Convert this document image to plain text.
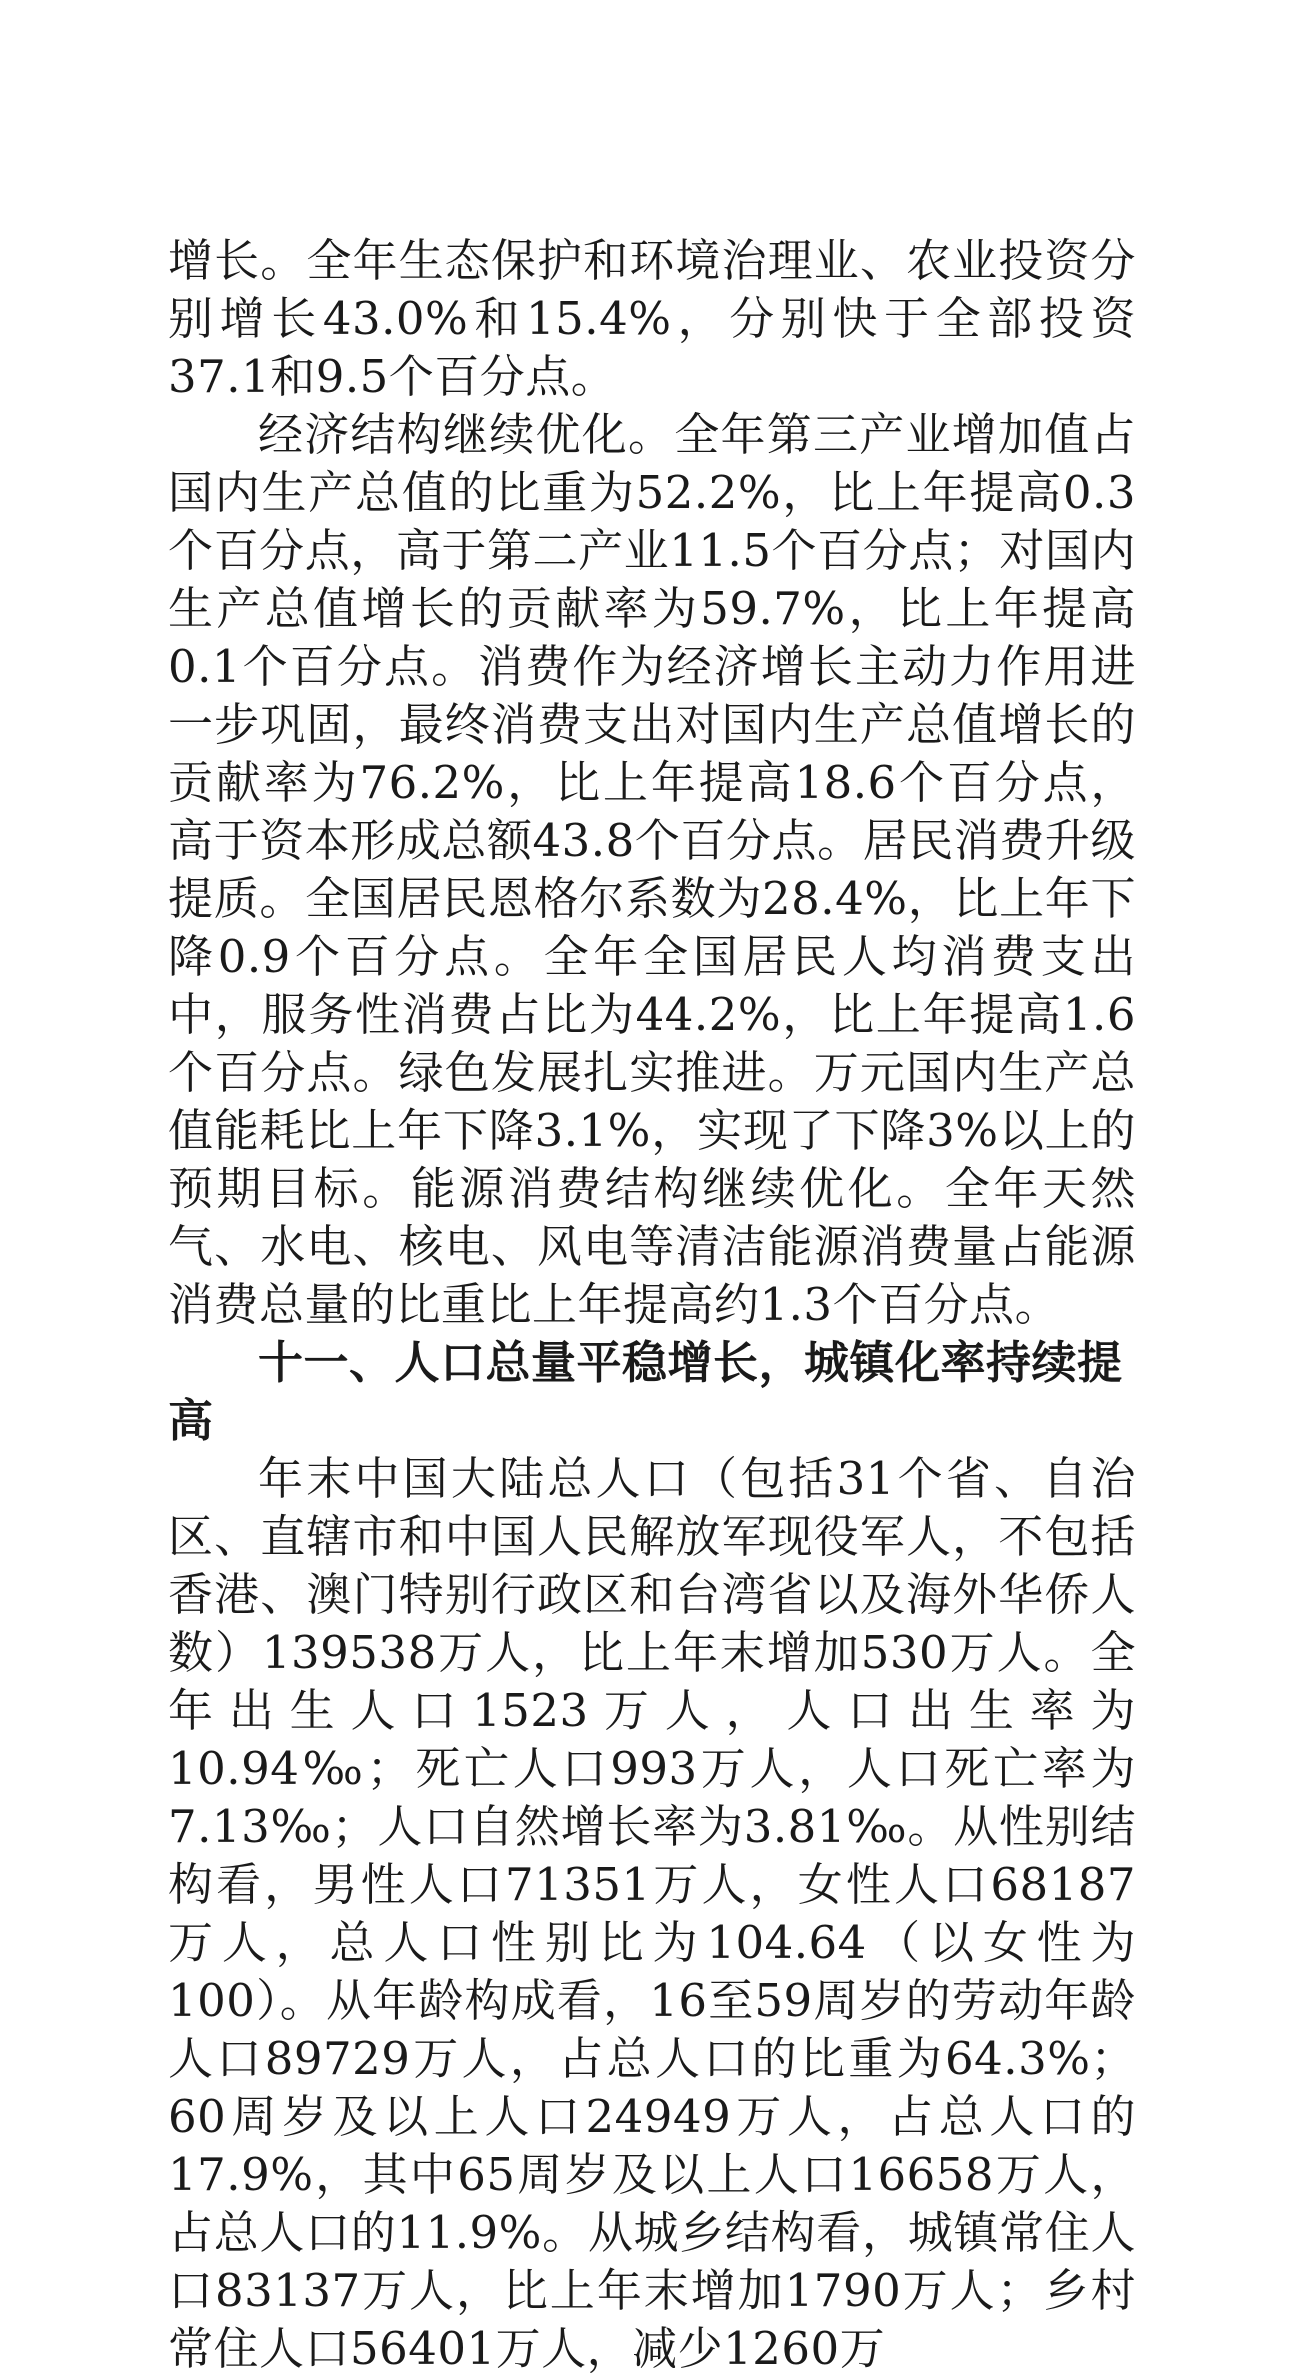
增长。全年生态保护和环境治理业、农业投资分别增长43.0%和15.4%，分别快于全部投资37.1和9.5个百分点。

经济结构继续优化。全年第三产业增加值占国内生产总值的比重为52.2%，比上年提高0.3个百分点，高于第二产业11.5个百分点；对国内生产总值增长的贡献率为59.7%，比上年提高0.1个百分点。消费作为经济增长主动力作用进一步巩固，最终消费支出对国内生产总值增长的贡献率为76.2%，比上年提高18.6个百分点，高于资本形成总额43.8个百分点。居民消费升级提质。全国居民恩格尔系数为28.4%，比上年下降0.9个百分点。全年全国居民人均消费支出中，服务性消费占比为44.2%，比上年提高1.6个百分点。绿色发展扎实推进。万元国内生产总值能耗比上年下降3.1%，实现了下降3%以上的预期目标。能源消费结构继续优化。全年天然气、水电、核电、风电等清洁能源消费量占能源消费总量的比重比上年提高约1.3个百分点。

十一、人口总量平稳增长，城镇化率持续提高

年末中国大陆总人口（包括31个省、自治区、直辖市和中国人民解放军现役军人，不包括香港、澳门特别行政区和台湾省以及海外华侨人数）139538万人，比上年末增加530万人。全年出生人口1523万人，人口出生率为10.94‰；死亡人口993万人，人口死亡率为7.13‰；人口自然增长率为3.81‰。从性别结构看，男性人口71351万人，女性人口68187万人，总人口性别比为104.64（以女性为100）。从年龄构成看，16至59周岁的劳动年龄人口89729万人，占总人口的比重为64.3%；60周岁及以上人口24949万人，占总人口的17.9%，其中65周岁及以上人口16658万人，占总人口的11.9%。从城乡结构看，城镇常住人口83137万人，比上年末增加1790万人；乡村常住人口56401万人，减少1260万
